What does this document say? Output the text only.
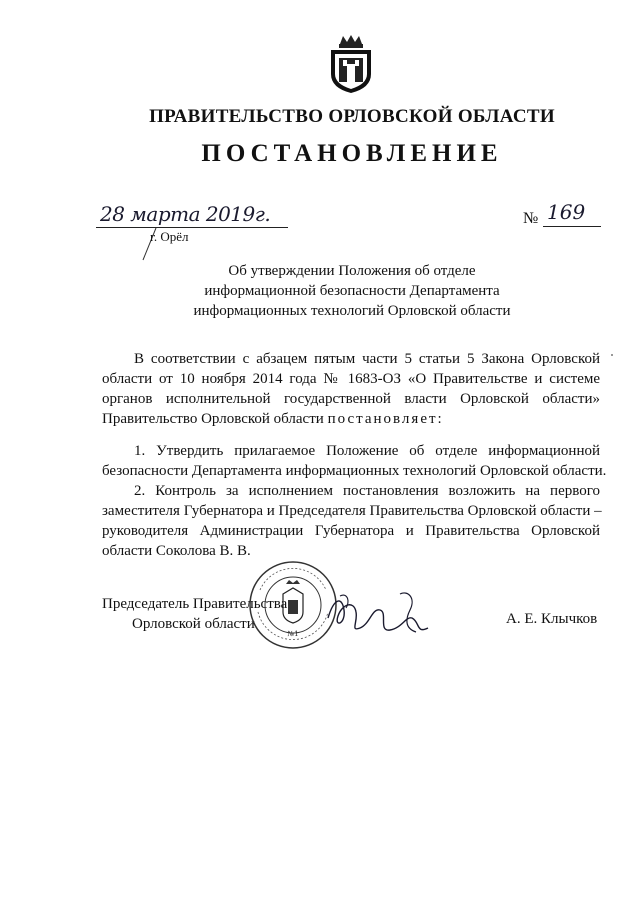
ПРАВИТЕЛЬСТВО ОРЛОВСКОЙ ОБЛАСТИ
ПОСТАНОВЛЕНИЕ
28 марта 2019г.	№ 169
г. Орёл
Об утверждении Положения об отделе
информационной безопасности Департамента
информационных технологий Орловской области
В соответствии с абзацем пятым части 5 статьи 5 Закона Орловской
области от 10 ноября 2014 года № 1683-ОЗ «О Правительстве и системе
органов исполнительной государственной власти Орловской области»
Правительство Орловской области постановляет:
1. Утвердить прилагаемое Положение об отделе информационной
безопасности Департамента информационных технологий Орловской области.
2. Контроль за исполнением постановления возложить на первого
заместителя Губернатора и Председателя Правительства Орловской области –
руководителя Администрации Губернатора и Правительства Орловской
области Соколова В. В.
Председатель Правительства
Орловской области
№1
А. Е. Клычков
